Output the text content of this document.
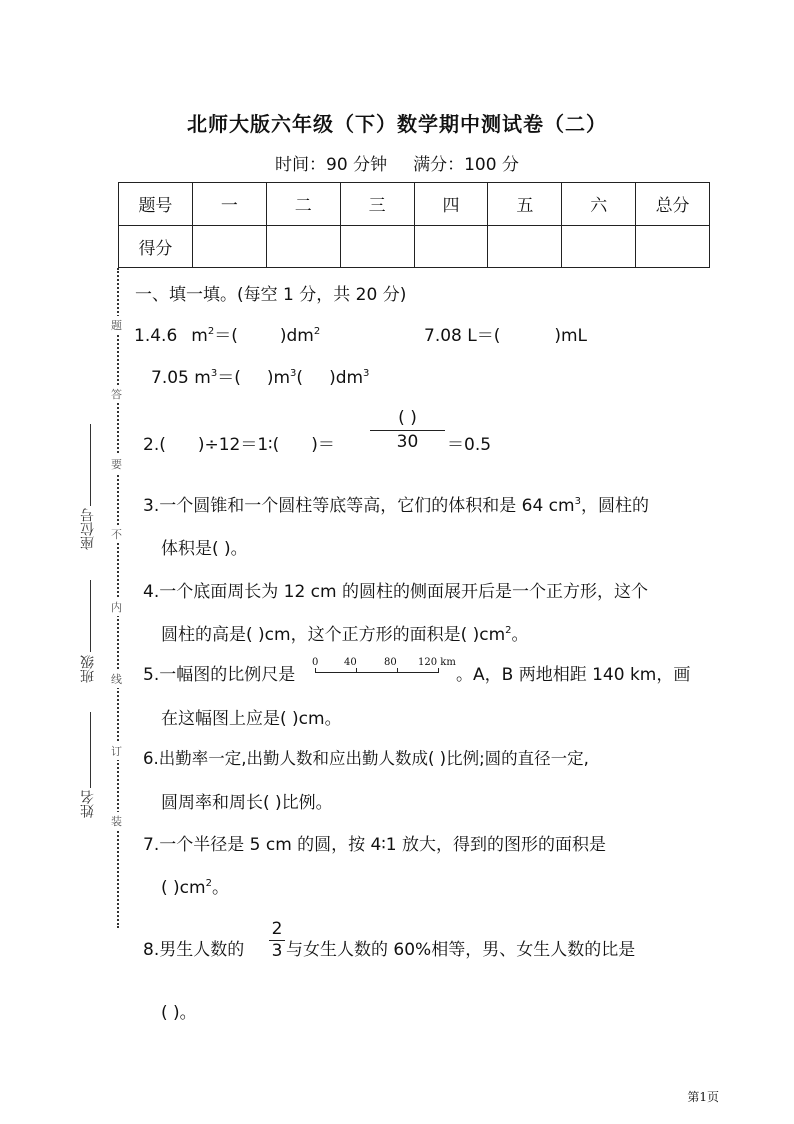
北师大版六年级（下）数学期中测试卷（二）
时间：90 分钟 满分：100 分
题号	一	二	三	四	五	六	总分
得分							
座位号
班级
姓名
题
答
要
不
内
线
订
装
一、填一填。(每空 1 分，共 20 分)
1.4.6 $m^2=$( )$dm^2$	7.08 L＝(	)mL
7.05 $m^3=$( )$m^3$( )$dm^3$
2.( )÷12＝1∶( )＝
( )
30	＝0.5
3.一个圆锥和一个圆柱等底等高，它们的体积和是 64 $cm^3$，圆柱的
体积是( )。
4.一个底面周长为 12 cm 的圆柱的侧面展开后是一个正方形，这个
圆柱的高是( )cm，这个正方形的面积是( )$cm^2$。
5.一幅图的比例尺是
0	40	80 120 km
。A，B 两地相距 140 km，画
在这幅图上应是( )cm。
6.出勤率一定,出勤人数和应出勤人数成( )比例;圆的直径一定,
圆周率和周长( )比例。
7.一个半径是 5 cm 的圆，按 4∶1 放大，得到的图形的面积是
( )$cm^2$。
8.男生人数的 $\frac{2}{3}$ 与女生人数的 60%相等，男、女生人数的比是
( )。
第1页
